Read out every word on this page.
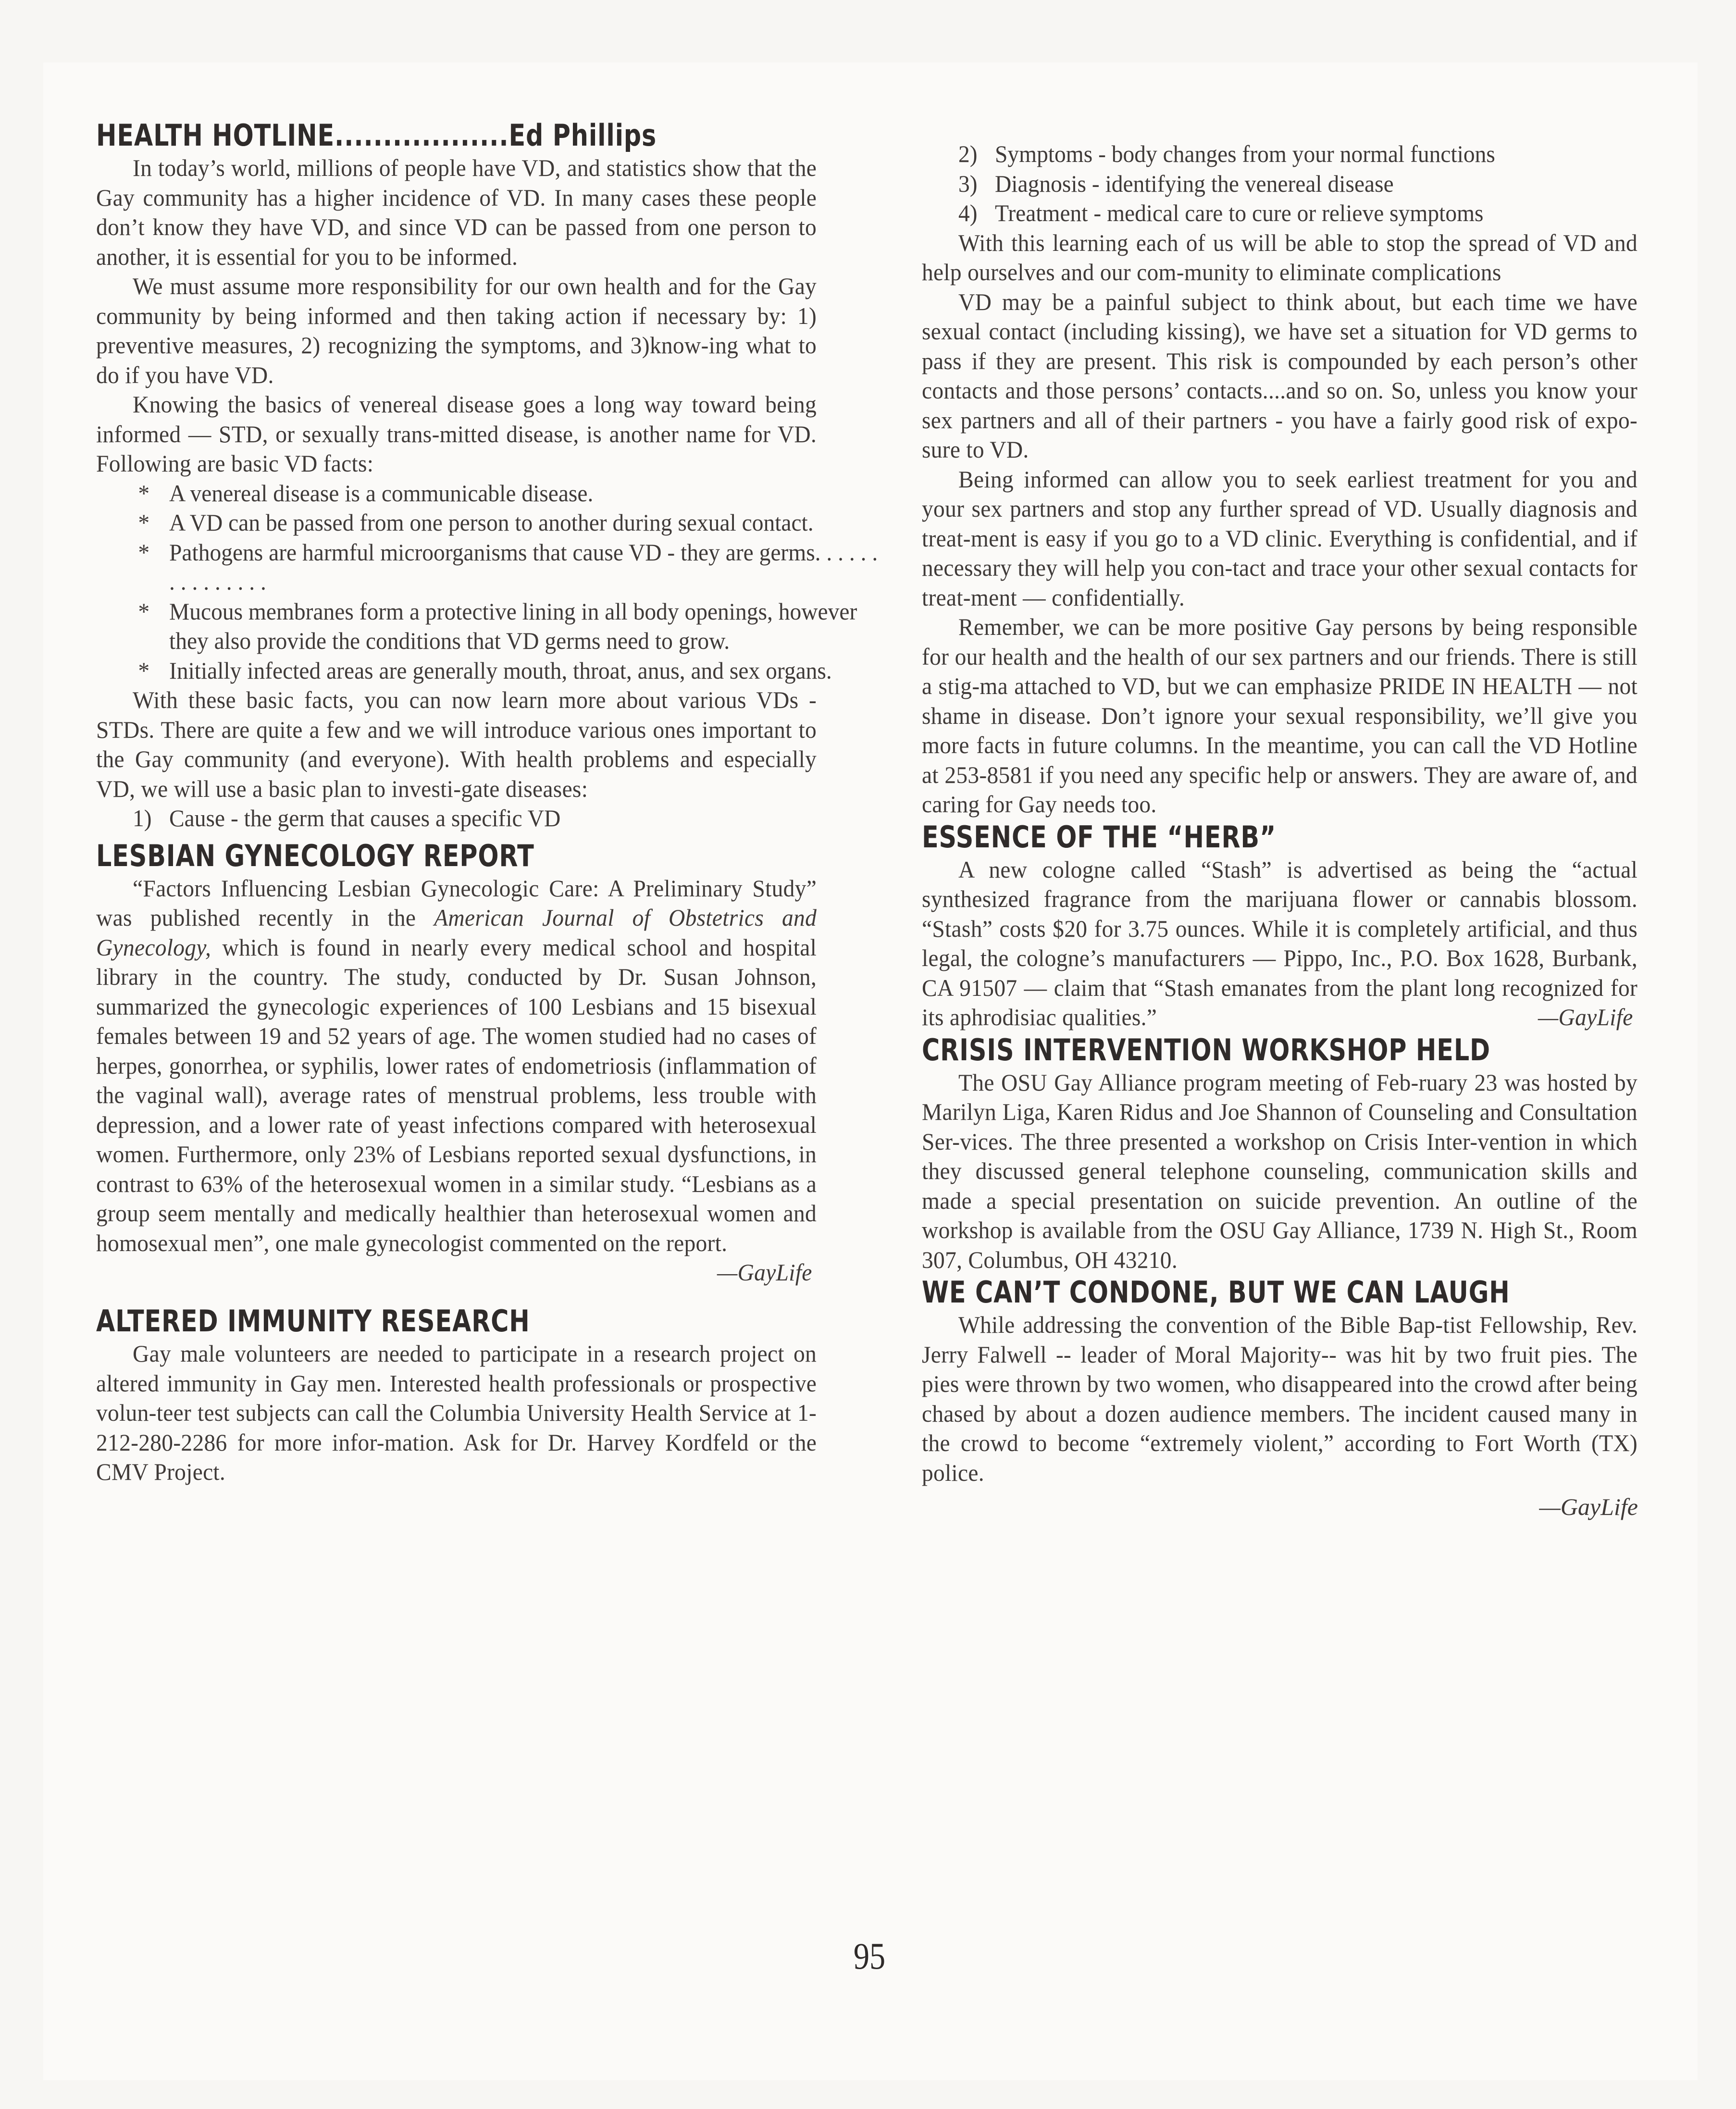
HEALTH HOTLINE..................Ed Phillips

In today’s world, millions of people have VD, and statistics show that the Gay community has a higher incidence of VD. In many cases these people don’t know they have VD, and since VD can be passed from one person to another, it is essential for you to be informed.

We must assume more responsibility for our own health and for the Gay community by being informed and then taking action if necessary by: 1) preventive measures, 2) recognizing the symptoms, and 3)know-ing what to do if you have VD.

Knowing the basics of venereal disease goes a long way toward being informed — STD, or sexually trans-mitted disease, is another name for VD. Following are basic VD facts:

* A venereal disease is a communicable disease.
* A VD can be passed from one person to another during sexual contact.
* Pathogens are harmful microorganisms that cause VD - they are germs. . . . . . . . . . . . . . .
* Mucous membranes form a protective lining in all body openings, however they also provide the conditions that VD germs need to grow.
* Initially infected areas are generally mouth, throat, anus, and sex organs.

With these basic facts, you can now learn more about various VDs - STDs. There are quite a few and we will introduce various ones important to the Gay community (and everyone). With health problems and especially VD, we will use a basic plan to investi-gate diseases:

1) Cause - the germ that causes a specific VD
LESBIAN GYNECOLOGY REPORT

“Factors Influencing Lesbian Gynecologic Care: A Preliminary Study” was published recently in the American Journal of Obstetrics and Gynecology, which is found in nearly every medical school and hospital library in the country. The study, conducted by Dr. Susan Johnson, summarized the gynecologic experiences of 100 Lesbians and 15 bisexual females between 19 and 52 years of age. The women studied had no cases of herpes, gonorrhea, or syphilis, lower rates of endometriosis (inflammation of the vaginal wall), average rates of menstrual problems, less trouble with depression, and a lower rate of yeast infections compared with heterosexual women. Furthermore, only 23% of Lesbians reported sexual dysfunctions, in contrast to 63% of the heterosexual women in a similar study. “Lesbians as a group seem mentally and medically healthier than heterosexual women and homosexual men”, one male gynecologist commented on the report.
—GayLife

ALTERED IMMUNITY RESEARCH

Gay male volunteers are needed to participate in a research project on altered immunity in Gay men. Interested health professionals or prospective volun-teer test subjects can call the Columbia University Health Service at 1-212-280-2286 for more infor-mation. Ask for Dr. Harvey Kordfeld or the CMV Project.

95
2) Symptoms - body changes from your normal functions
3) Diagnosis - identifying the venereal disease
4) Treatment - medical care to cure or relieve symptoms

With this learning each of us will be able to stop the spread of VD and help ourselves and our com-munity to eliminate complications

VD may be a painful subject to think about, but each time we have sexual contact (including kissing), we have set a situation for VD germs to pass if they are present. This risk is compounded by each person’s other contacts and those persons’ contacts....and so on. So, unless you know your sex partners and all of their partners - you have a fairly good risk of expo-sure to VD.

Being informed can allow you to seek earliest treatment for you and your sex partners and stop any further spread of VD. Usually diagnosis and treat-ment is easy if you go to a VD clinic. Everything is confidential, and if necessary they will help you con-tact and trace your other sexual contacts for treat-ment — confidentially.

Remember, we can be more positive Gay persons by being responsible for our health and the health of our sex partners and our friends. There is still a stig-ma attached to VD, but we can emphasize PRIDE IN HEALTH — not shame in disease. Don’t ignore your sexual responsibility, we’ll give you more facts in future columns. In the meantime, you can call the VD Hotline at 253-8581 if you need any specific help or answers. They are aware of, and caring for Gay needs too.

ESSENCE OF THE “HERB”

A new cologne called “Stash” is advertised as being the “actual synthesized fragrance from the marijuana flower or cannabis blossom. “Stash” costs $20 for 3.75 ounces. While it is completely artificial, and thus legal, the cologne’s manufacturers — Pippo, Inc., P.O. Box 1628, Burbank, CA 91507 — claim that “Stash emanates from the plant long recognized for its aphrodisiac qualities.”	—GayLife

CRISIS INTERVENTION WORKSHOP HELD

The OSU Gay Alliance program meeting of Feb-ruary 23 was hosted by Marilyn Liga, Karen Ridus and Joe Shannon of Counseling and Consultation Ser-vices. The three presented a workshop on Crisis Inter-vention in which they discussed general telephone counseling, communication skills and made a special presentation on suicide prevention. An outline of the workshop is available from the OSU Gay Alliance, 1739 N. High St., Room 307, Columbus, OH 43210.

WE CAN’T CONDONE, BUT WE CAN LAUGH

While addressing the convention of the Bible Bap-tist Fellowship, Rev. Jerry Falwell -- leader of Moral Majority-- was hit by two fruit pies. The pies were thrown by two women, who disappeared into the crowd after being chased by about a dozen audience members. The incident caused many in the crowd to become “extremely violent,” according to Fort Worth (TX) police.

—GayLife
